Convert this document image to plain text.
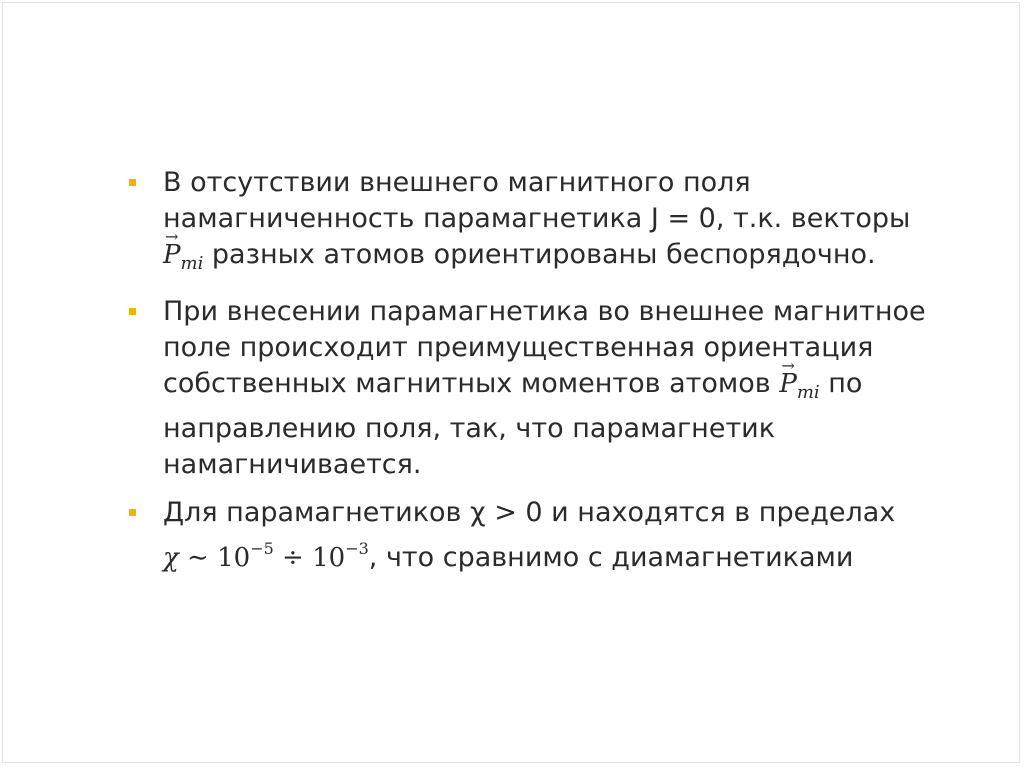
В отсутствии внешнего магнитного поля намагниченность парамагнетика J = 0, т.к. векторы
→ $P_{mi}$ разных атомов ориентированы беспорядочно.
При внесении парамагнетика во внешнее магнитное поле происходит преимущественная ориентация собственных магнитных моментов атомов → $P_{mi}$ по направлению поля, так, что парамагнетик намагничивается.
Для парамагнетиков χ > 0 и находятся в пределах
χ ∼ $10^{-5} \div 10^{-3}$, что сравнимо с диамагнетиками
